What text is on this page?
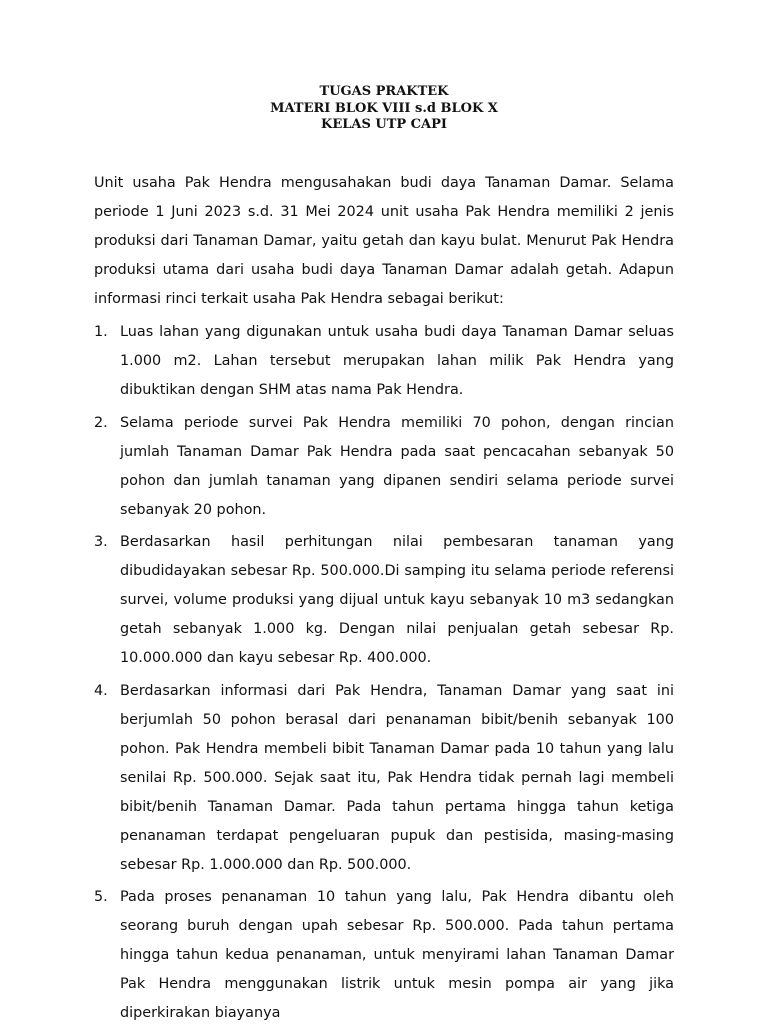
TUGAS PRAKTEK
MATERI BLOK VIII s.d BLOK X
KELAS UTP CAPI

Unit usaha Pak Hendra mengusahakan budi daya Tanaman Damar. Selama periode 1 Juni 2023 s.d. 31 Mei 2024 unit usaha Pak Hendra memiliki 2 jenis produksi dari Tanaman Damar, yaitu getah dan kayu bulat. Menurut Pak Hendra produksi utama dari usaha budi daya Tanaman Damar adalah getah. Adapun informasi rinci terkait usaha Pak Hendra sebagai berikut:

1. Luas lahan yang digunakan untuk usaha budi daya Tanaman Damar seluas 1.000 m2. Lahan tersebut merupakan lahan milik Pak Hendra yang dibuktikan dengan SHM atas nama Pak Hendra.
2. Selama periode survei Pak Hendra memiliki 70 pohon, dengan rincian jumlah Tanaman Damar Pak Hendra pada saat pencacahan sebanyak 50 pohon dan jumlah tanaman yang dipanen sendiri selama periode survei sebanyak 20 pohon.
3. Berdasarkan hasil perhitungan nilai pembesaran tanaman yang dibudidayakan sebesar Rp. 500.000.Di samping itu selama periode referensi survei, volume produksi yang dijual untuk kayu sebanyak 10 m3 sedangkan getah sebanyak 1.000 kg. Dengan nilai penjualan getah sebesar Rp. 10.000.000 dan kayu sebesar Rp. 400.000.
4. Berdasarkan informasi dari Pak Hendra, Tanaman Damar yang saat ini berjumlah 50 pohon berasal dari penanaman bibit/benih sebanyak 100 pohon. Pak Hendra membeli bibit Tanaman Damar pada 10 tahun yang lalu senilai Rp. 500.000. Sejak saat itu, Pak Hendra tidak pernah lagi membeli bibit/benih Tanaman Damar. Pada tahun pertama hingga tahun ketiga penanaman terdapat pengeluaran pupuk dan pestisida, masing-masing sebesar Rp. 1.000.000 dan Rp. 500.000.
5. Pada proses penanaman 10 tahun yang lalu, Pak Hendra dibantu oleh seorang buruh dengan upah sebesar Rp. 500.000. Pada tahun pertama hingga tahun kedua penanaman, untuk menyirami lahan Tanaman Damar Pak Hendra menggunakan listrik untuk mesin pompa air yang jika diperkirakan biayanya
